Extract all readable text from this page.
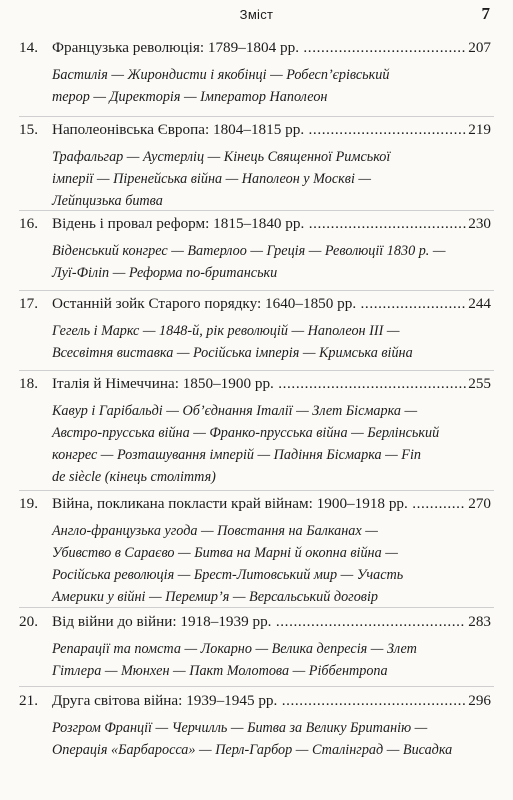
Зміст	7
14. Французька революція: 1789–1804 рр. .....	207
Бастилія — Жирондисти і якобінці — Робесп’єрівський
терор — Директорія — Імператор Наполеон
15. Наполеонівська Європа: 1804–1815 рр. .....	219
Трафальгар — Аустерліц — Кінець Священної Римської
імперії — Піренейська війна — Наполеон у Москві —
Лейпцизька битва
16. Відень і провал реформ: 1815–1840 рр. .....	230
Віденський конгрес — Ватерлоо — Греція — Революції 1830 р. —
Луї-Філіп — Реформа по-британськи
17. Останній зойк Старого порядку: 1640–1850 рр. .....	244
Гегель і Маркс — 1848-й, рік революцій — Наполеон III —
Всесвітня виставка — Російська імперія — Кримська війна
18. Італія й Німеччина: 1850–1900 рр. .....	255
Кавур і Гарібальді — Об’єднання Італії — Злет Бісмарка —
Австро-прусська війна — Франко-прусська війна — Берлінський
конгрес — Розташування імперій — Падіння Бісмарка — Fin
de siècle (кінець століття)
19. Війна, покликана покласти край війнам: 1900–1918 рр. .....	270
Англо-французька угода — Повстання на Балканах —
Убивство в Сараєво — Битва на Марні й окопна війна —
Російська революція — Брест-Литовський мир — Участь
Америки у війні — Перемир’я — Версальський договір
20. Від війни до війни: 1918–1939 рр. .....	283
Репарації та помста — Локарно — Велика депресія — Злет
Гітлера — Мюнхен — Пакт Молотова — Ріббентропа
21. Друга світова війна: 1939–1945 рр. .....	296
Розгром Франції — Черчилль — Битва за Велику Британію —
Операція «Барбаросса» — Перл-Гарбор — Сталінград — Висадка
